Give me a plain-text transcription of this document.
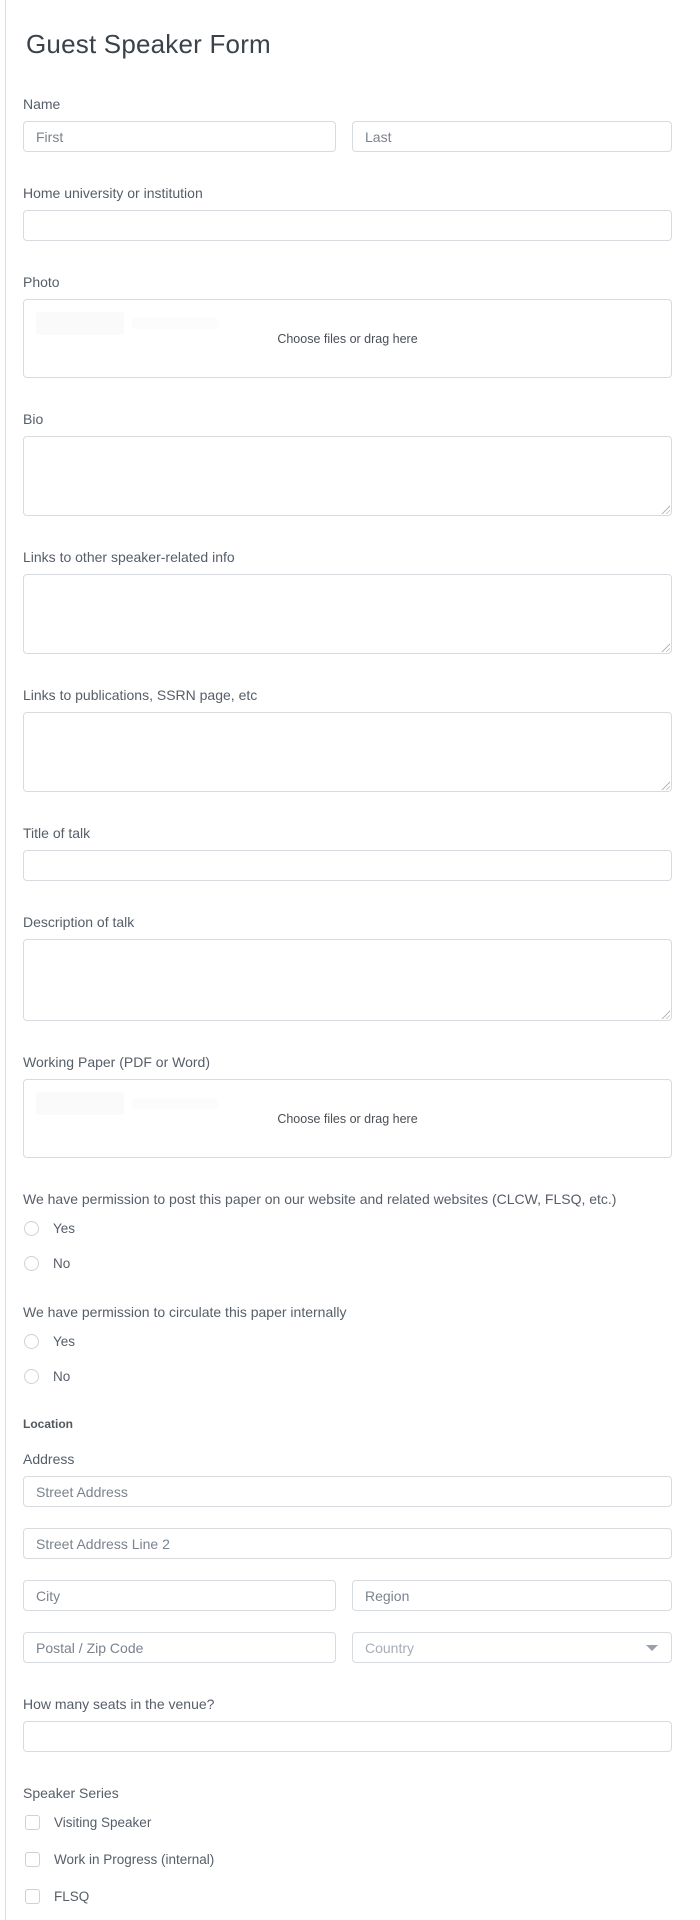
Guest Speaker Form
Name
First
Last
Home university or institution
Photo
Choose files or drag here
Bio
Links to other speaker-related info
Links to publications, SSRN page, etc
Title of talk
Description of talk
Working Paper (PDF or Word)
Choose files or drag here
We have permission to post this paper on our website and related websites (CLCW, FLSQ, etc.)
Yes
No
We have permission to circulate this paper internally
Yes
No
Location
Address
Street Address
Street Address Line 2
City
Region
Postal / Zip Code
Country
How many seats in the venue?
Speaker Series
Visiting Speaker
Work in Progress (internal)
FLSQ
